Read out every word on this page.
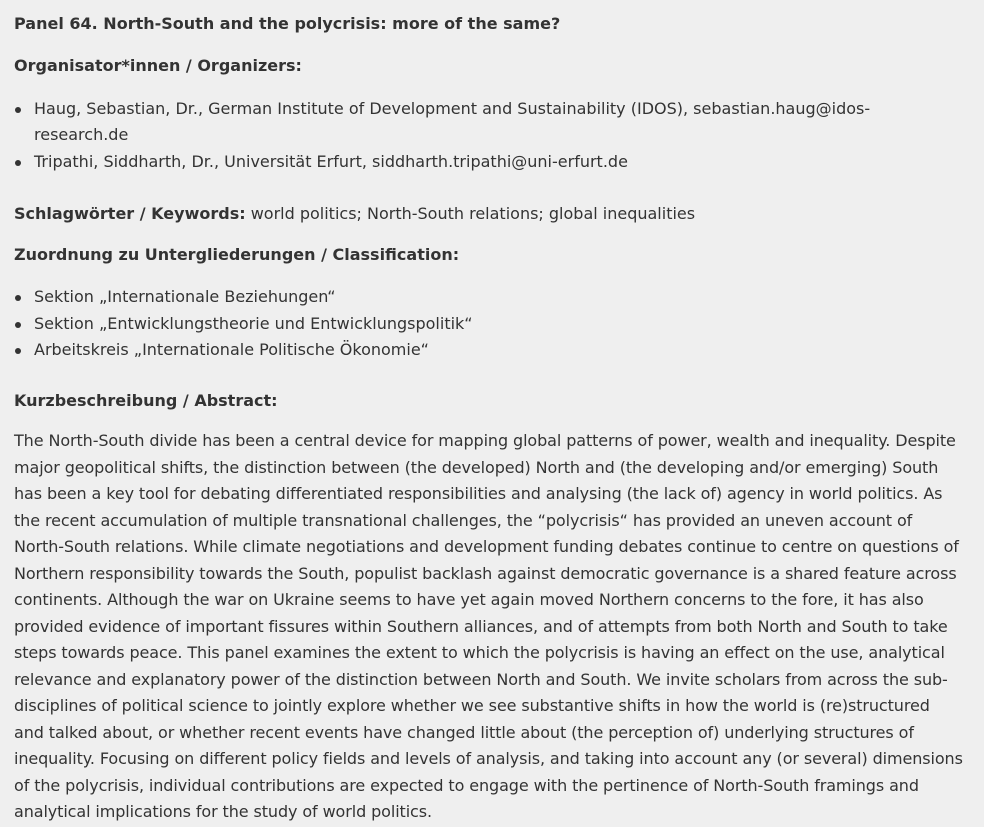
Panel 64. North-South and the polycrisis: more of the same?

Organisator*innen / Organizers:

Haug, Sebastian, Dr., German Institute of Development and Sustainability (IDOS), sebastian.haug@idos-research.de
Tripathi, Siddharth, Dr., Universität Erfurt, siddharth.tripathi@uni-erfurt.de

Schlagwörter / Keywords: world politics; North-South relations; global inequalities

Zuordnung zu Untergliederungen / Classification:

Sektion „Internationale Beziehungen“
Sektion „Entwicklungstheorie und Entwicklungspolitik“
Arbeitskreis „Internationale Politische Ökonomie“

Kurzbeschreibung / Abstract:

The North-South divide has been a central device for mapping global patterns of power, wealth and inequality. Despite major geopolitical shifts, the distinction between (the developed) North and (the developing and/or emerging) South has been a key tool for debating differentiated responsibilities and analysing (the lack of) agency in world politics. As the recent accumulation of multiple transnational challenges, the “polycrisis“ has provided an uneven account of North-South relations. While climate negotiations and development funding debates continue to centre on questions of Northern responsibility towards the South, populist backlash against democratic governance is a shared feature across continents. Although the war on Ukraine seems to have yet again moved Northern concerns to the fore, it has also provided evidence of important fissures within Southern alliances, and of attempts from both North and South to take steps towards peace. This panel examines the extent to which the polycrisis is having an effect on the use, analytical relevance and explanatory power of the distinction between North and South. We invite scholars from across the sub-disciplines of political science to jointly explore whether we see substantive shifts in how the world is (re)structured and talked about, or whether recent events have changed little about (the perception of) underlying structures of inequality. Focusing on different policy fields and levels of analysis, and taking into account any (or several) dimensions of the polycrisis, individual contributions are expected to engage with the pertinence of North-South framings and analytical implications for the study of world politics.
